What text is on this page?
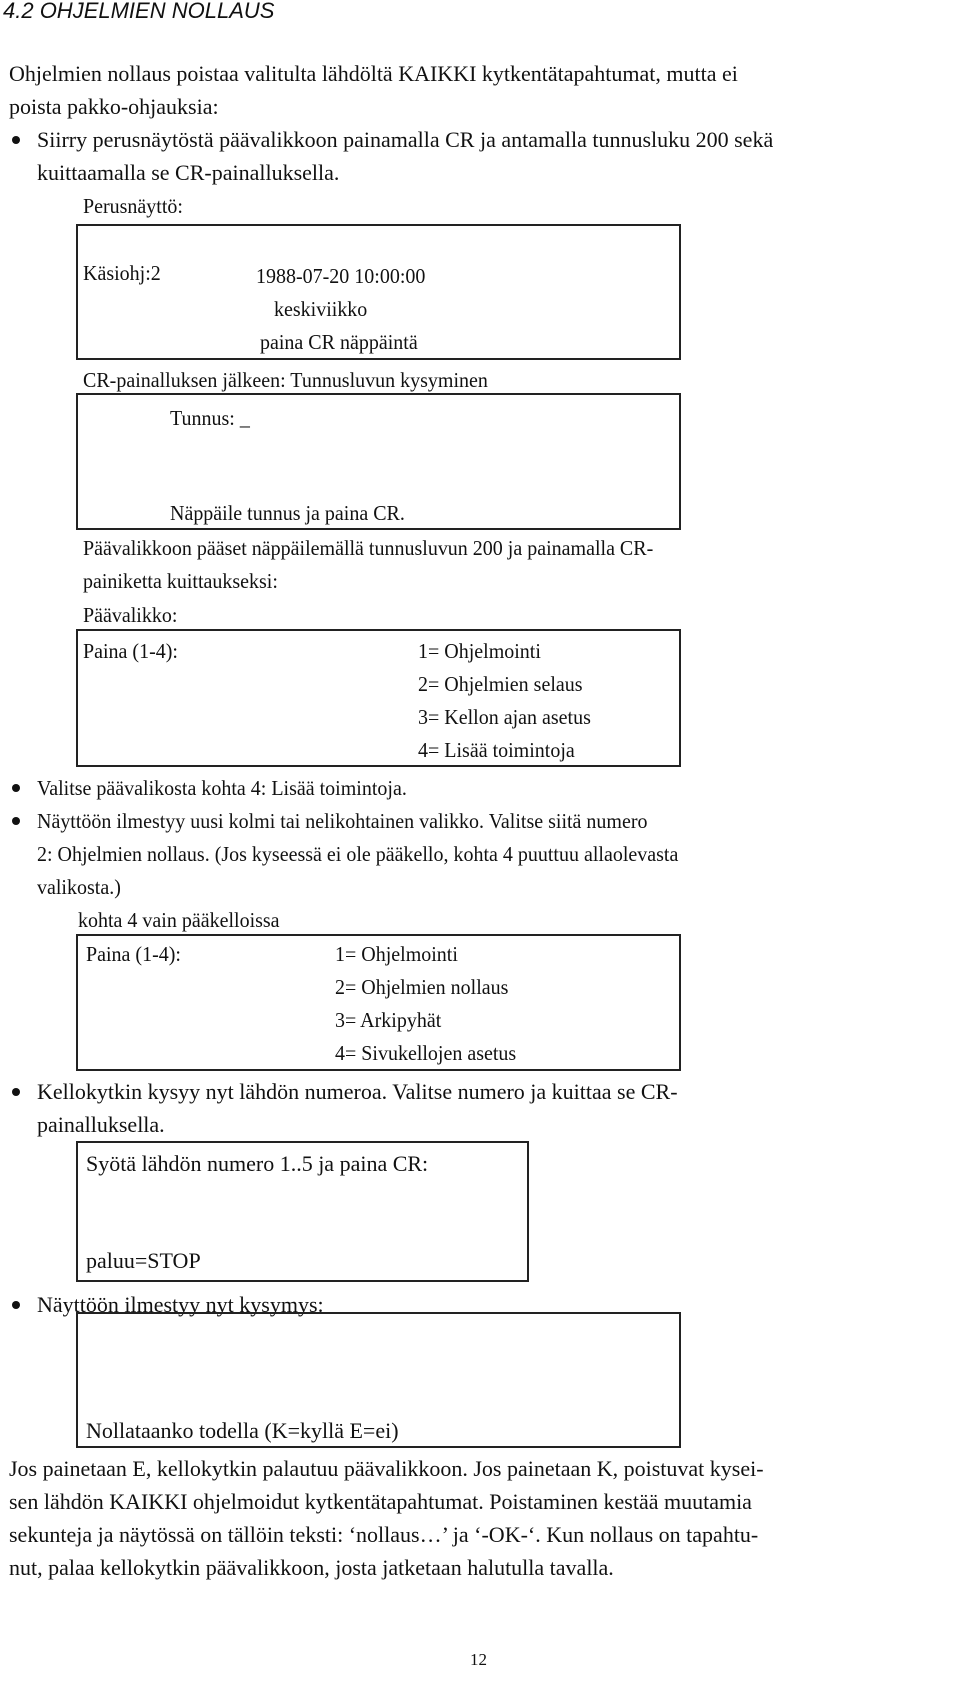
4.2 OHJELMIEN NOLLAUS
Ohjelmien nollaus poistaa valitulta lähdöltä KAIKKI kytkentätapahtumat, mutta ei
poista pakko-ohjauksia:
Siirry perusnäytöstä päävalikkoon painamalla CR ja antamalla tunnusluku 200 sekä
kuittaamalla se CR-painalluksella.
Perusnäyttö:
Käsiohj:2	1988-07-20 10:00:00
keskiviikko
paina CR näppäintä
CR-painalluksen jälkeen: Tunnusluvun kysyminen
Tunnus: _
Näppäile tunnus ja paina CR.
Päävalikkoon pääset näppäilemällä tunnusluvun 200 ja painamalla CR-
painiketta kuittaukseksi:
Päävalikko:
Paina (1-4):	1= Ohjelmointi
2= Ohjelmien selaus
3= Kellon ajan asetus
4= Lisää toimintoja
Valitse päävalikosta kohta 4: Lisää toimintoja.
Näyttöön ilmestyy uusi kolmi tai nelikohtainen valikko. Valitse siitä numero
2: Ohjelmien nollaus. (Jos kyseessä ei ole pääkello, kohta 4 puuttuu allaolevasta
valikosta.)
kohta 4 vain pääkelloissa
Paina (1-4):	1= Ohjelmointi
2= Ohjelmien nollaus
3= Arkipyhät
4= Sivukellojen asetus
Kellokytkin kysyy nyt lähdön numeroa. Valitse numero ja kuittaa se CR-
painalluksella.
Syötä lähdön numero 1..5 ja paina CR:
paluu=STOP
Näyttöön ilmestyy nyt kysymys:
Nollataanko todella (K=kyllä E=ei)
Jos painetaan E, kellokytkin palautuu päävalikkoon. Jos painetaan K, poistuvat kysei-
sen lähdön KAIKKI ohjelmoidut kytkentätapahtumat. Poistaminen kestää muutamia
sekunteja ja näytössä on tällöin teksti: ‘nollaus…’ ja ‘-OK-‘. Kun nollaus on tapahtu-
nut, palaa kellokytkin päävalikkoon, josta jatketaan halutulla tavalla.
12
